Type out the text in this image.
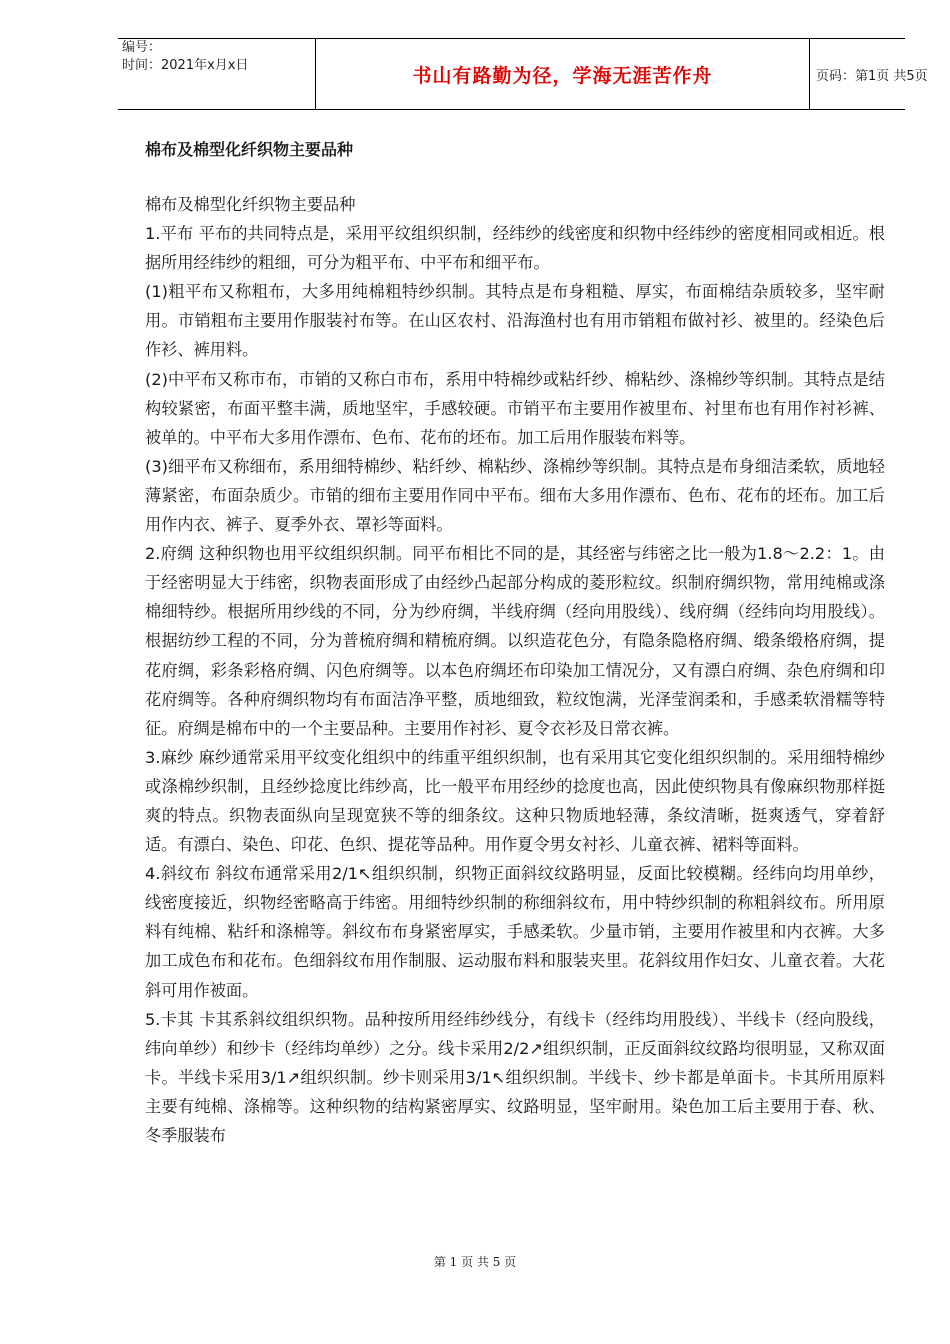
编号：
时间：2021年x月x日	书山有路勤为径，学海无涯苦作舟	页码：第1页 共5页
棉布及棉型化纤织物主要品种

棉布及棉型化纤织物主要品种

1.平布 平布的共同特点是，采用平纹组织织制，经纬纱的线密度和织物中经纬纱的密度相同或相近。根据所用经纬纱的粗细，可分为粗平布、中平布和细平布。

(1)粗平布又称粗布，大多用纯棉粗特纱织制。其特点是布身粗糙、厚实，布面棉结杂质较多，坚牢耐用。市销粗布主要用作服装衬布等。在山区农村、沿海渔村也有用市销粗布做衬衫、被里的。经染色后作衫、裤用料。

(2)中平布又称市布，市销的又称白市布，系用中特棉纱或粘纤纱、棉粘纱、涤棉纱等织制。其特点是结构较紧密，布面平整丰满，质地坚牢，手感较硬。市销平布主要用作被里布、衬里布也有用作衬衫裤、被单的。中平布大多用作漂布、色布、花布的坯布。加工后用作服装布料等。

(3)细平布又称细布，系用细特棉纱、粘纤纱、棉粘纱、涤棉纱等织制。其特点是布身细洁柔软，质地轻薄紧密，布面杂质少。市销的细布主要用作同中平布。细布大多用作漂布、色布、花布的坯布。加工后用作内衣、裤子、夏季外衣、罩衫等面料。

2.府绸 这种织物也用平纹组织织制。同平布相比不同的是，其经密与纬密之比一般为1.8～2.2：1。由于经密明显大于纬密，织物表面形成了由经纱凸起部分构成的菱形粒纹。织制府绸织物，常用纯棉或涤棉细特纱。根据所用纱线的不同，分为纱府绸，半线府绸（经向用股线）、线府绸（经纬向均用股线）。根据纺纱工程的不同，分为普梳府绸和精梳府绸。以织造花色分，有隐条隐格府绸、缎条缎格府绸，提花府绸，彩条彩格府绸、闪色府绸等。以本色府绸坯布印染加工情况分，又有漂白府绸、杂色府绸和印花府绸等。各种府绸织物均有布面洁净平整，质地细致，粒纹饱满，光泽莹润柔和，手感柔软滑糯等特征。府绸是棉布中的一个主要品种。主要用作衬衫、夏令衣衫及日常衣裤。

3.麻纱 麻纱通常采用平纹变化组织中的纬重平组织织制，也有采用其它变化组织织制的。采用细特棉纱或涤棉纱织制，且经纱捻度比纬纱高，比一般平布用经纱的捻度也高，因此使织物具有像麻织物那样挺爽的特点。织物表面纵向呈现宽狭不等的细条纹。这种只物质地轻薄，条纹清晰，挺爽透气，穿着舒适。有漂白、染色、印花、色织、提花等品种。用作夏令男女衬衫、儿童衣裤、裙料等面料。

4.斜纹布 斜纹布通常采用2/1↖组织织制，织物正面斜纹纹路明显，反面比较模糊。经纬向均用单纱，线密度接近，织物经密略高于纬密。用细特纱织制的称细斜纹布，用中特纱织制的称粗斜纹布。所用原料有纯棉、粘纤和涤棉等。斜纹布布身紧密厚实，手感柔软。少量市销，主要用作被里和内衣裤。大多加工成色布和花布。色细斜纹布用作制服、运动服布料和服装夹里。花斜纹用作妇女、儿童衣着。大花斜可用作被面。

5.卡其 卡其系斜纹组织织物。品种按所用经纬纱线分，有线卡（经纬均用股线）、半线卡（经向股线，纬向单纱）和纱卡（经纬均单纱）之分。线卡采用2/2↗组织织制，正反面斜纹纹路均很明显，又称双面卡。半线卡采用3/1↗组织织制。纱卡则采用3/1↖组织织制。半线卡、纱卡都是单面卡。卡其所用原料主要有纯棉、涤棉等。这种织物的结构紧密厚实、纹路明显，坚牢耐用。染色加工后主要用于春、秋、冬季服装布

第 1 页 共 5 页
